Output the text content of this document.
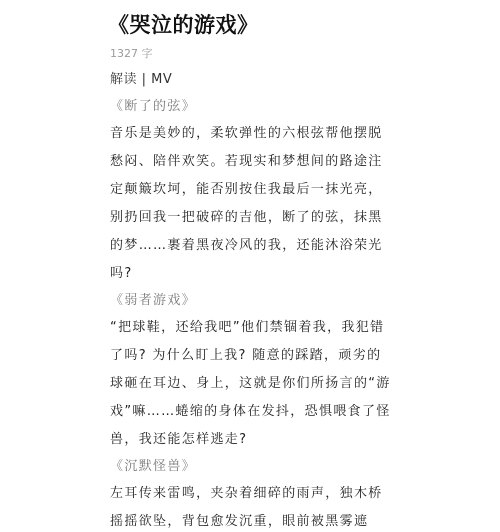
《哭泣的游戏》
1327 字
解读 | MV
《断了的弦》
音乐是美妙的，柔软弹性的六根弦帮他摆脱
愁闷、陪伴欢笑。若现实和梦想间的路途注
定颠簸坎坷，能否别按住我最后一抹光亮，
别扔回我一把破碎的吉他，断了的弦，抹黑
的梦……裹着黑夜冷风的我，还能沐浴荣光
吗?
《弱者游戏》
“把球鞋，还给我吧”他们禁锢着我，我犯错
了吗? 为什么盯上我? 随意的踩踏，顽劣的
球砸在耳边、身上，这就是你们所扬言的“游
戏”嘛……蜷缩的身体在发抖，恐惧喂食了怪
兽，我还能怎样逃走?
《沉默怪兽》
左耳传来雷鸣，夹杂着细碎的雨声，独木桥
摇摇欲坠，背包愈发沉重，眼前被黑雾遮
